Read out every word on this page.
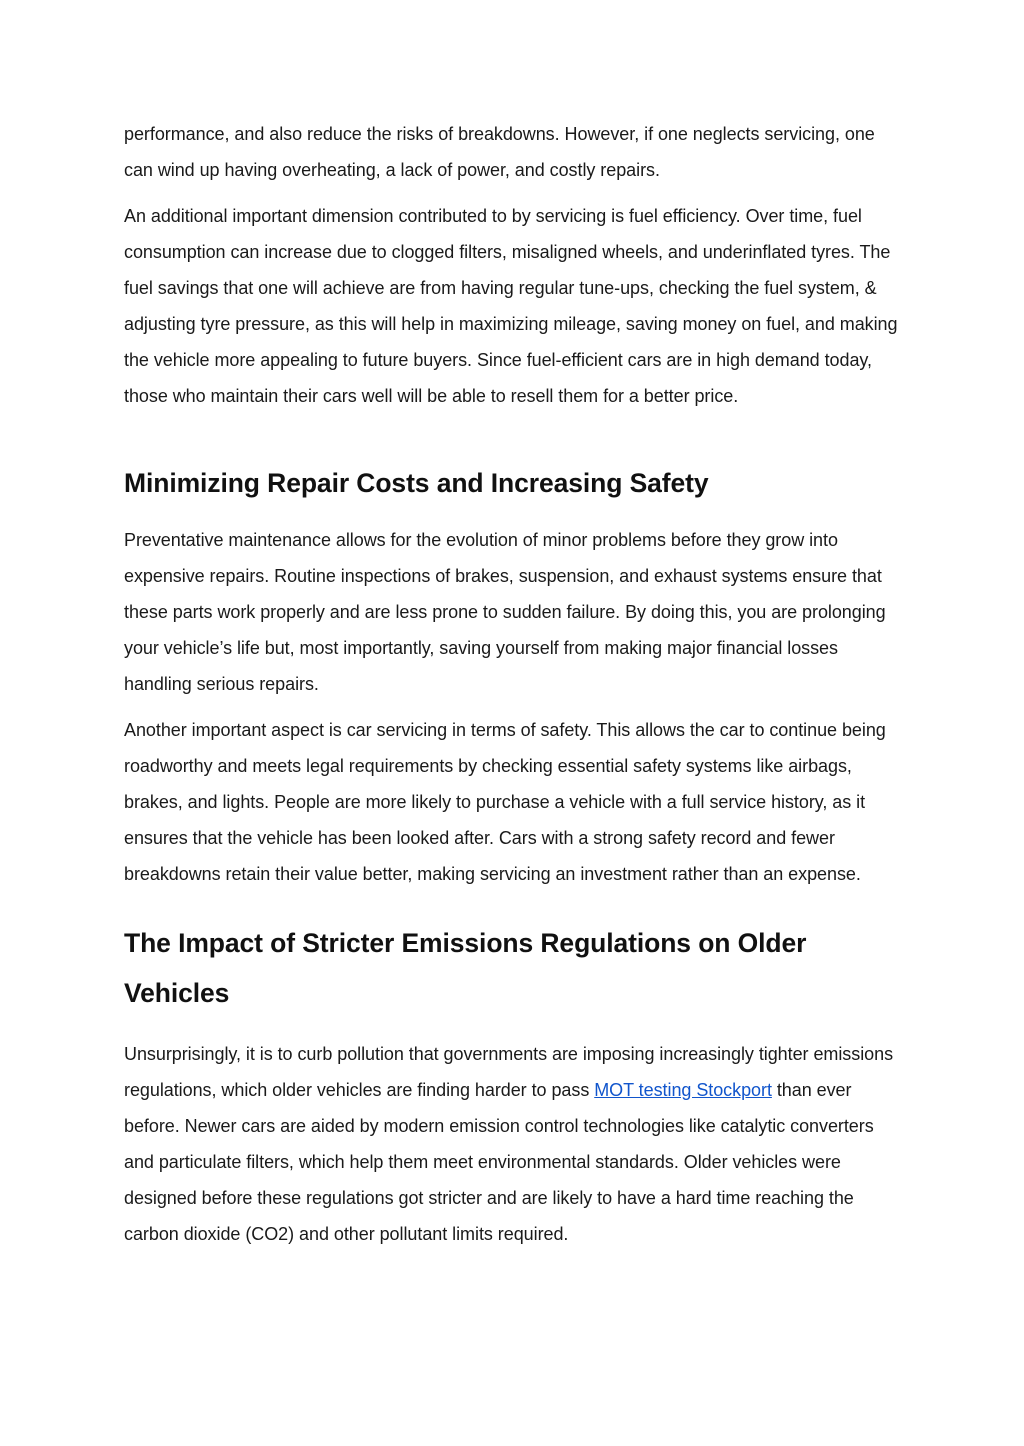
performance, and also reduce the risks of breakdowns. However, if one neglects servicing, one can wind up having overheating, a lack of power, and costly repairs.

An additional important dimension contributed to by servicing is fuel efficiency. Over time, fuel consumption can increase due to clogged filters, misaligned wheels, and underinflated tyres. The fuel savings that one will achieve are from having regular tune-ups, checking the fuel system, & adjusting tyre pressure, as this will help in maximizing mileage, saving money on fuel, and making the vehicle more appealing to future buyers. Since fuel-efficient cars are in high demand today, those who maintain their cars well will be able to resell them for a better price.

Minimizing Repair Costs and Increasing Safety

Preventative maintenance allows for the evolution of minor problems before they grow into expensive repairs. Routine inspections of brakes, suspension, and exhaust systems ensure that these parts work properly and are less prone to sudden failure. By doing this, you are prolonging your vehicle’s life but, most importantly, saving yourself from making major financial losses handling serious repairs.

Another important aspect is car servicing in terms of safety. This allows the car to continue being roadworthy and meets legal requirements by checking essential safety systems like airbags, brakes, and lights. People are more likely to purchase a vehicle with a full service history, as it ensures that the vehicle has been looked after. Cars with a strong safety record and fewer breakdowns retain their value better, making servicing an investment rather than an expense.

The Impact of Stricter Emissions Regulations on Older Vehicles

Unsurprisingly, it is to curb pollution that governments are imposing increasingly tighter emissions regulations, which older vehicles are finding harder to pass MOT testing Stockport than ever before. Newer cars are aided by modern emission control technologies like catalytic converters and particulate filters, which help them meet environmental standards. Older vehicles were designed before these regulations got stricter and are likely to have a hard time reaching the carbon dioxide (CO2) and other pollutant limits required.
